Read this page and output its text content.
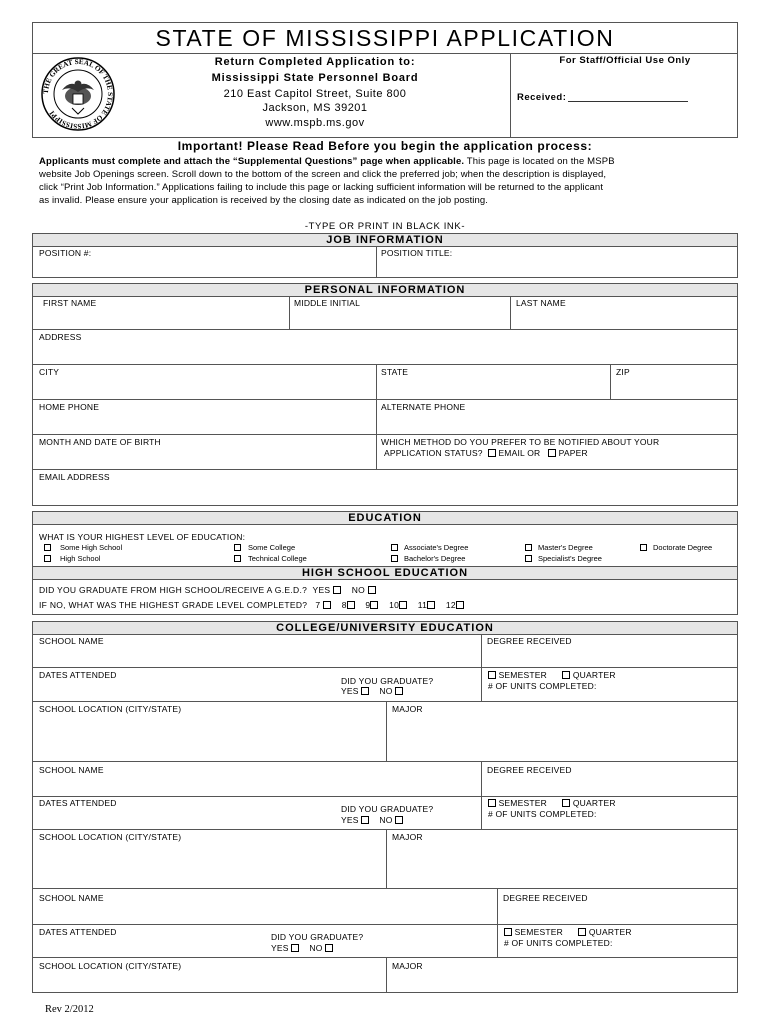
STATE OF MISSISSIPPI APPLICATION
THE GREAT SEAL OF THE STATE OF MISSISSIPPI
Return Completed Application to:
Mississippi State Personnel Board
210 East Capitol Street, Suite 800
Jackson, MS 39201
www.mspb.ms.gov
For Staff/Official Use Only
Received:
Important! Please Read Before you begin the application process:
Applicants must complete and attach the “Supplemental Questions” page when applicable. This page is located on the MSPB
website Job Openings screen. Scroll down to the bottom of the screen and click the preferred job; when the description is displayed,
click “Print Job Information.” Applications failing to include this page or lacking sufficient information will be returned to the applicant
as invalid. Please ensure your application is received by the closing date as indicated on the job posting.
-TYPE OR PRINT IN BLACK INK-
JOB INFORMATION
POSITION #:	POSITION TITLE:
PERSONAL INFORMATION
FIRST NAME	MIDDLE INITIAL	LAST NAME
ADDRESS
CITY	STATE	ZIP
HOME PHONE	ALTERNATE PHONE
MONTH AND DATE OF BIRTH	WHICH METHOD DO YOU PREFER TO BE NOTIFIED ABOUT YOUR
APPLICATION STATUS? EMAIL OR PAPER
EMAIL ADDRESS
EDUCATION
WHAT IS YOUR HIGHEST LEVEL OF EDUCATION:
Some High School
High School
Some College
Technical College
Associate's Degree
Bachelor's Degree
Master's Degree
Specialist's Degree
Doctorate Degree
HIGH SCHOOL EDUCATION
DID YOU GRADUATE FROM HIGH SCHOOL/RECEIVE A G.E.D.? YES	NO
IF NO, WHAT WAS THE HIGHEST GRADE LEVEL COMPLETED? 7	8 9 10 11 12
COLLEGE/UNIVERSITY EDUCATION
SCHOOL NAME	DEGREE RECEIVED
DATES ATTENDED
DID YOU GRADUATE?
YES NO
SEMESTER	QUARTER
# OF UNITS COMPLETED:
SCHOOL LOCATION (CITY/STATE)	MAJOR
SCHOOL NAME	DEGREE RECEIVED
DATES ATTENDED
DID YOU GRADUATE?
YES NO
SEMESTER	QUARTER
# OF UNITS COMPLETED:
SCHOOL LOCATION (CITY/STATE)	MAJOR
SCHOOL NAME	DEGREE RECEIVED
DATES ATTENDED	DID YOU GRADUATE?
YES NO
SEMESTER	QUARTER
# OF UNITS COMPLETED:
SCHOOL LOCATION (CITY/STATE)	MAJOR
Rev 2/2012
